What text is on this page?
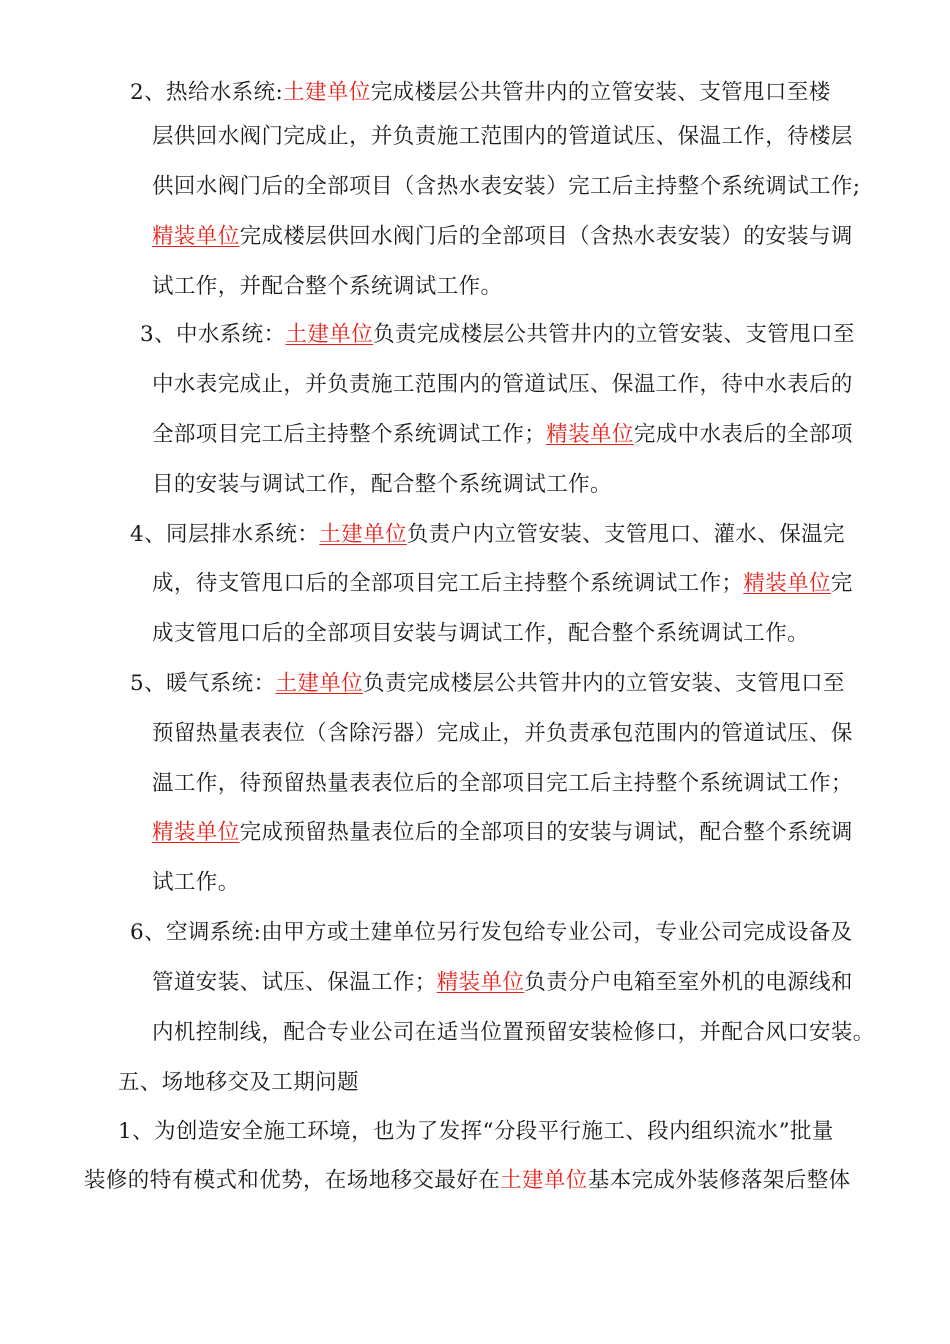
2、热给水系统:土建单位完成楼层公共管井内的立管安装、支管甩口至楼
层供回水阀门完成止，并负责施工范围内的管道试压、保温工作，待楼层
供回水阀门后的全部项目（含热水表安装）完工后主持整个系统调试工作;
精装单位完成楼层供回水阀门后的全部项目（含热水表安装）的安装与调
试工作，并配合整个系统调试工作。
3、中水系统：土建单位负责完成楼层公共管井内的立管安装、支管甩口至
中水表完成止，并负责施工范围内的管道试压、保温工作，待中水表后的
全部项目完工后主持整个系统调试工作；精装单位完成中水表后的全部项
目的安装与调试工作，配合整个系统调试工作。
4、同层排水系统：土建单位负责户内立管安装、支管甩口、灌水、保温完
成，待支管甩口后的全部项目完工后主持整个系统调试工作；精装单位完
成支管甩口后的全部项目安装与调试工作，配合整个系统调试工作。
5、暖气系统：土建单位负责完成楼层公共管井内的立管安装、支管甩口至
预留热量表表位（含除污器）完成止，并负责承包范围内的管道试压、保
温工作，待预留热量表表位后的全部项目完工后主持整个系统调试工作；
精装单位完成预留热量表位后的全部项目的安装与调试，配合整个系统调
试工作。
6、空调系统:由甲方或土建单位另行发包给专业公司，专业公司完成设备及
管道安装、试压、保温工作；精装单位负责分户电箱至室外机的电源线和
内机控制线，配合专业公司在适当位置预留安装检修口，并配合风口安装。
五、场地移交及工期问题
1、为创造安全施工环境，也为了发挥“分段平行施工、段内组织流水”批量
装修的特有模式和优势，在场地移交最好在土建单位基本完成外装修落架后整体
